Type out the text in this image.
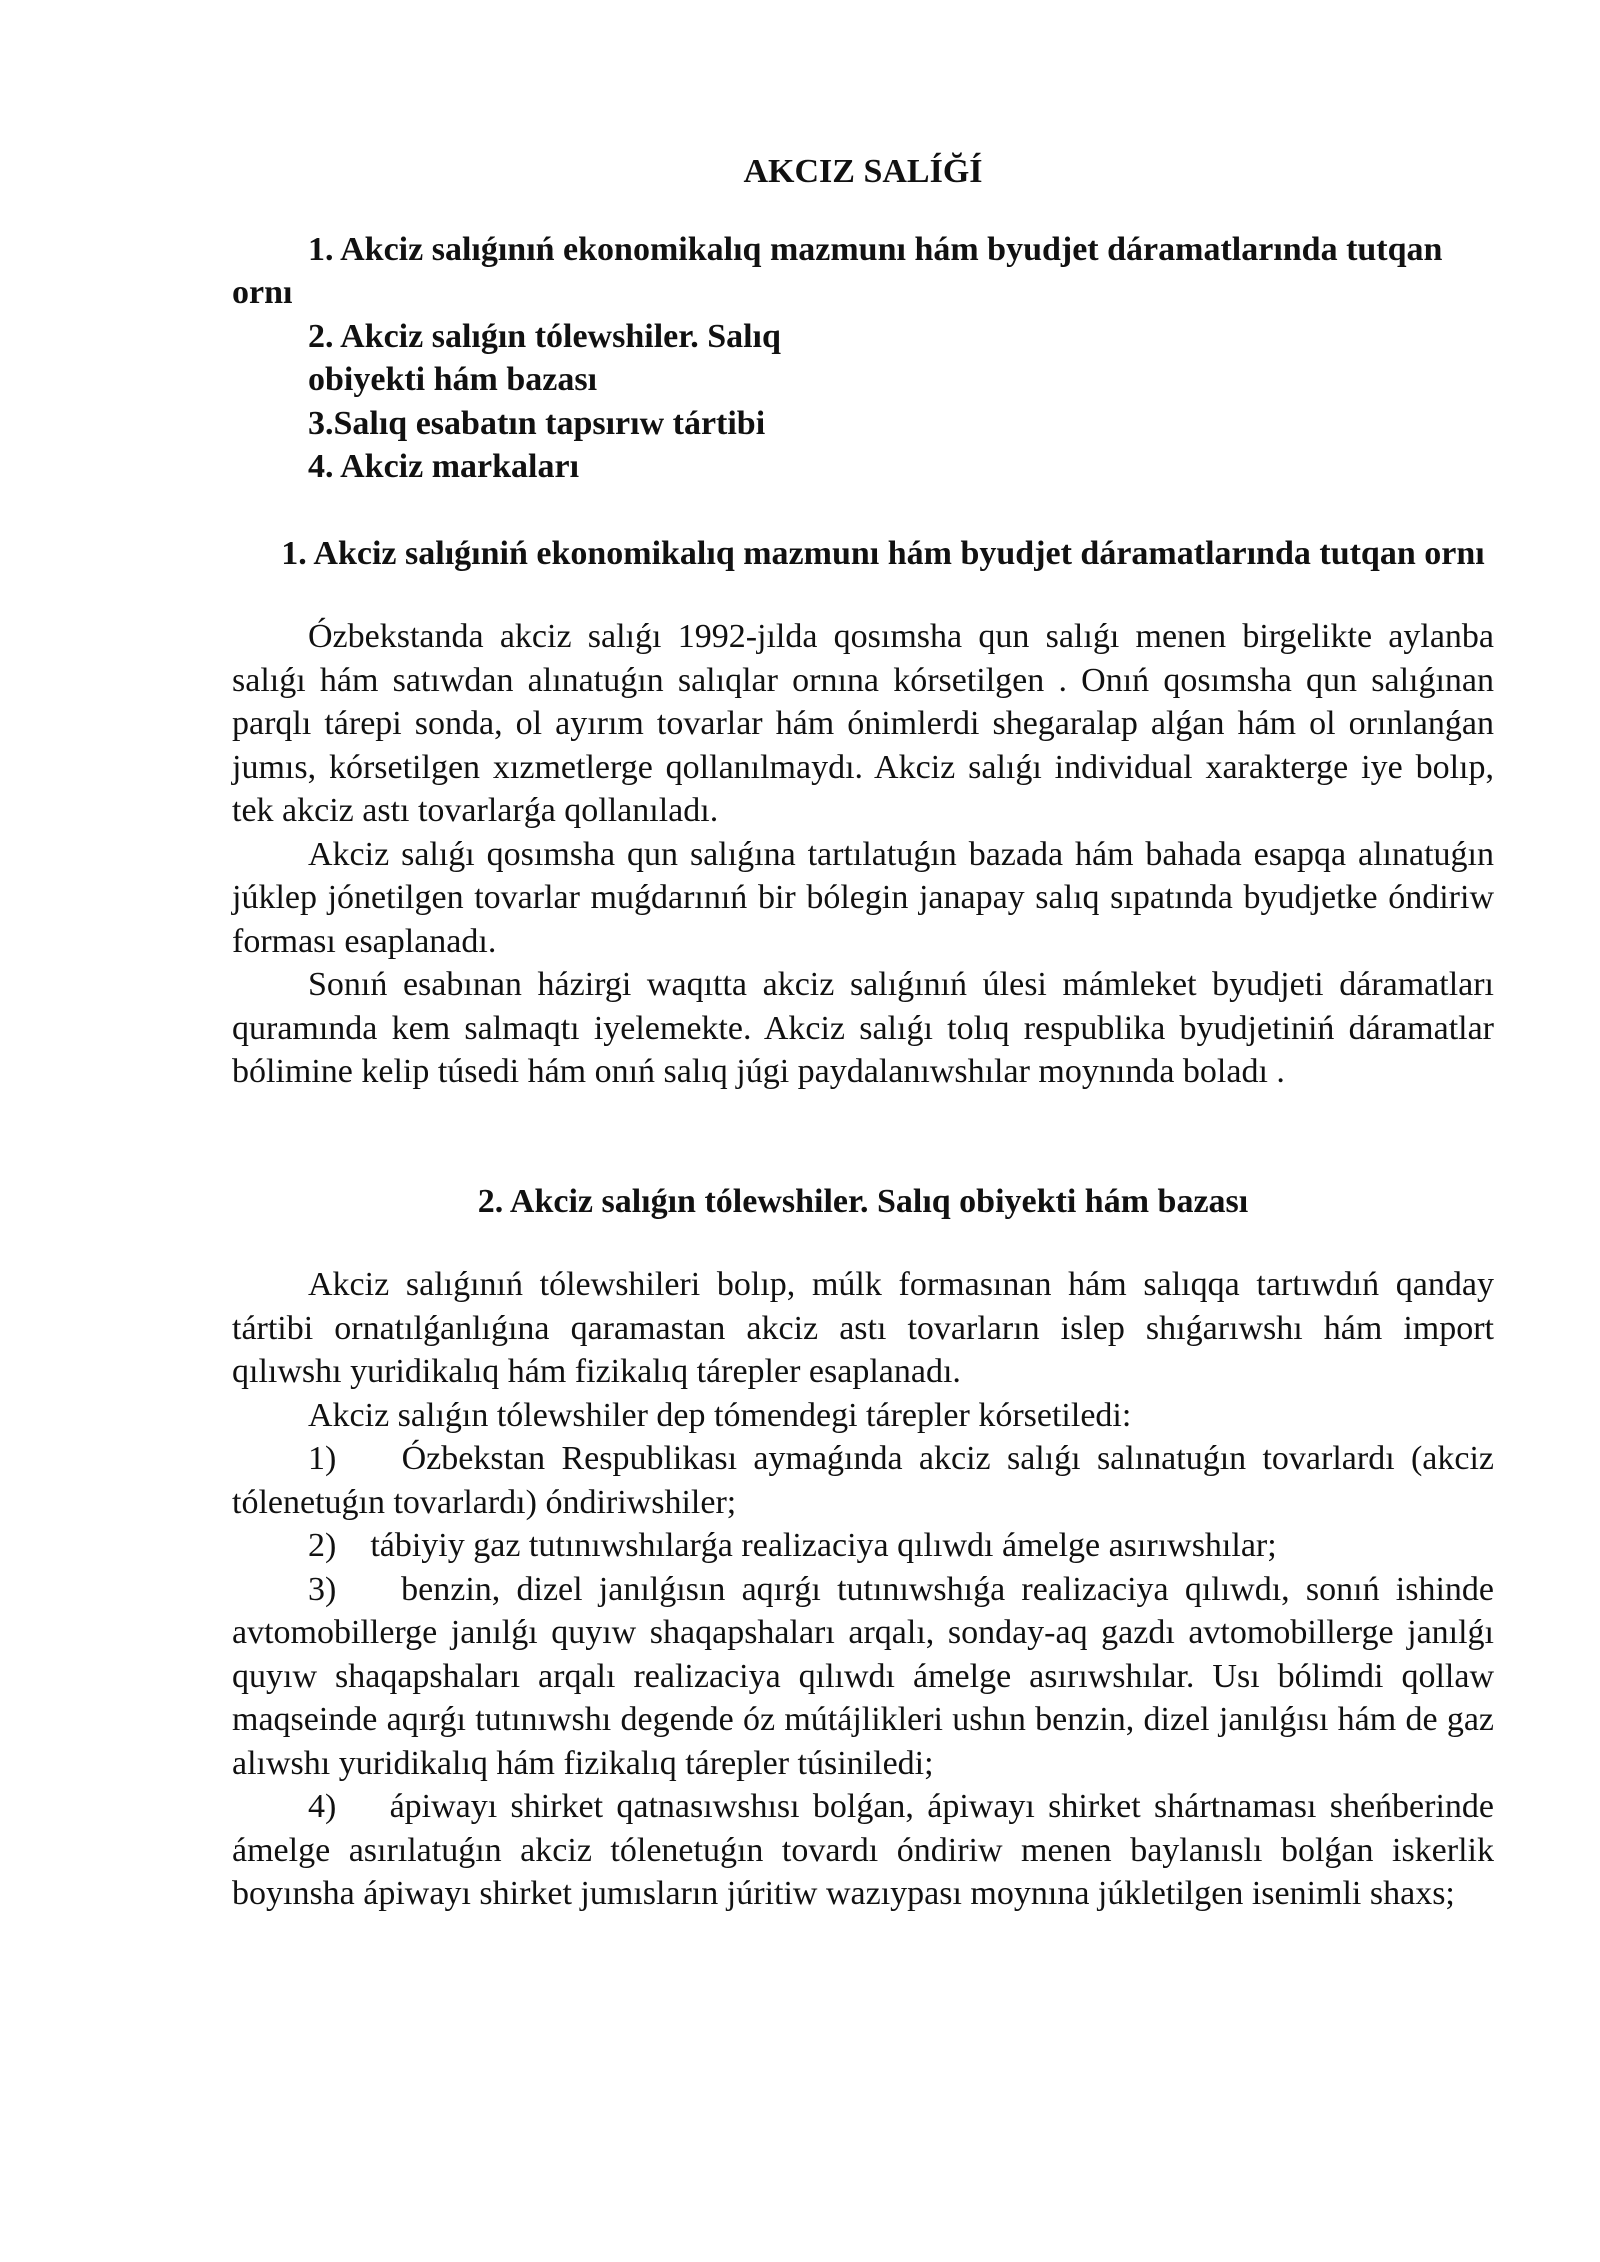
AKCIZ SALÍĞÍ

1. Akciz salıǵınıń ekonomikalıq mazmunı hám byudjet dáramatlarında tutqan ornı

2. Akciz salıǵın tólewshiler. Salıq obiyekti hám bazası

3.Salıq esabatın tapsırıw tártibi

4. Akciz markaları

1. Akciz salıǵıniń ekonomikalıq mazmunı hám byudjet dáramatlarında tutqan ornı

Ózbekstanda akciz salıǵı 1992-jılda qosımsha qun salıǵı menen birgelikte aylanba salıǵı hám satıwdan alınatuǵın salıqlar ornına kórsetilgen . Onıń qosımsha qun salıǵınan parqlı tárepi sonda, ol ayırım tovarlar hám ónimlerdi shegaralap alǵan hám ol orınlanǵan jumıs, kórsetilgen xızmetlerge qollanılmaydı. Akciz salıǵı individual xarakterge iye bolıp, tek akciz astı tovarlarǵa qollanıladı.

Akciz salıǵı qosımsha qun salıǵına tartılatuǵın bazada hám bahada esapqa alınatuǵın júklep jónetilgen tovarlar muǵdarınıń bir bólegin janapay salıq sıpatında byudjetke óndiriw forması esaplanadı.

Sonıń esabınan házirgi waqıtta akciz salıǵınıń úlesi mámleket byudjeti dáramatları quramında kem salmaqtı iyelemekte. Akciz salıǵı tolıq respublika byudjetiniń dáramatlar bólimine kelip túsedi hám onıń salıq júgi paydalanıwshılar moynında boladı .

2. Akciz salıǵın tólewshiler. Salıq obiyekti hám bazası

Akciz salıǵınıń tólewshileri bolıp, múlk formasınan hám salıqqa tartıwdıń qanday tártibi ornatılǵanlıǵına qaramastan akciz astı tovarların islep shıǵarıwshı hám import qılıwshı yuridikalıq hám fizikalıq tárepler esaplanadı.

Akciz salıǵın tólewshiler dep tómendegi tárepler kórsetiledi:

1)    Ózbekstan Respublikası aymaǵında akciz salıǵı salınatuǵın tovarlardı (akciz tólenetuǵın tovarlardı) óndiriwshiler;

2)    tábiyiy gaz tutınıwshılarǵa realizaciya qılıwdı ámelge asırıwshılar;

3)    benzin, dizel janılǵısın aqırǵı tutınıwshıǵa realizaciya qılıwdı, sonıń ishinde avtomobillerge janılǵı quyıw shaqapshaları arqalı, sonday-aq gazdı avtomobillerge janılǵı quyıw shaqapshaları arqalı realizaciya qılıwdı ámelge asırıwshılar. Usı bólimdi qollaw maqseinde aqırǵı tutınıwshı degende óz mútájlikleri ushın benzin, dizel janılǵısı hám de gaz alıwshı yuridikalıq hám fizikalıq tárepler túsiniledi;

4)    ápiwayı shirket qatnasıwshısı bolǵan, ápiwayı shirket shártnaması sheńberinde ámelge asırılatuǵın akciz tólenetuǵın tovardı óndiriw menen baylanıslı bolǵan iskerlik boyınsha ápiwayı shirket jumısların júritiw wazıypası moynına júkletilgen isenimli shaxs;
